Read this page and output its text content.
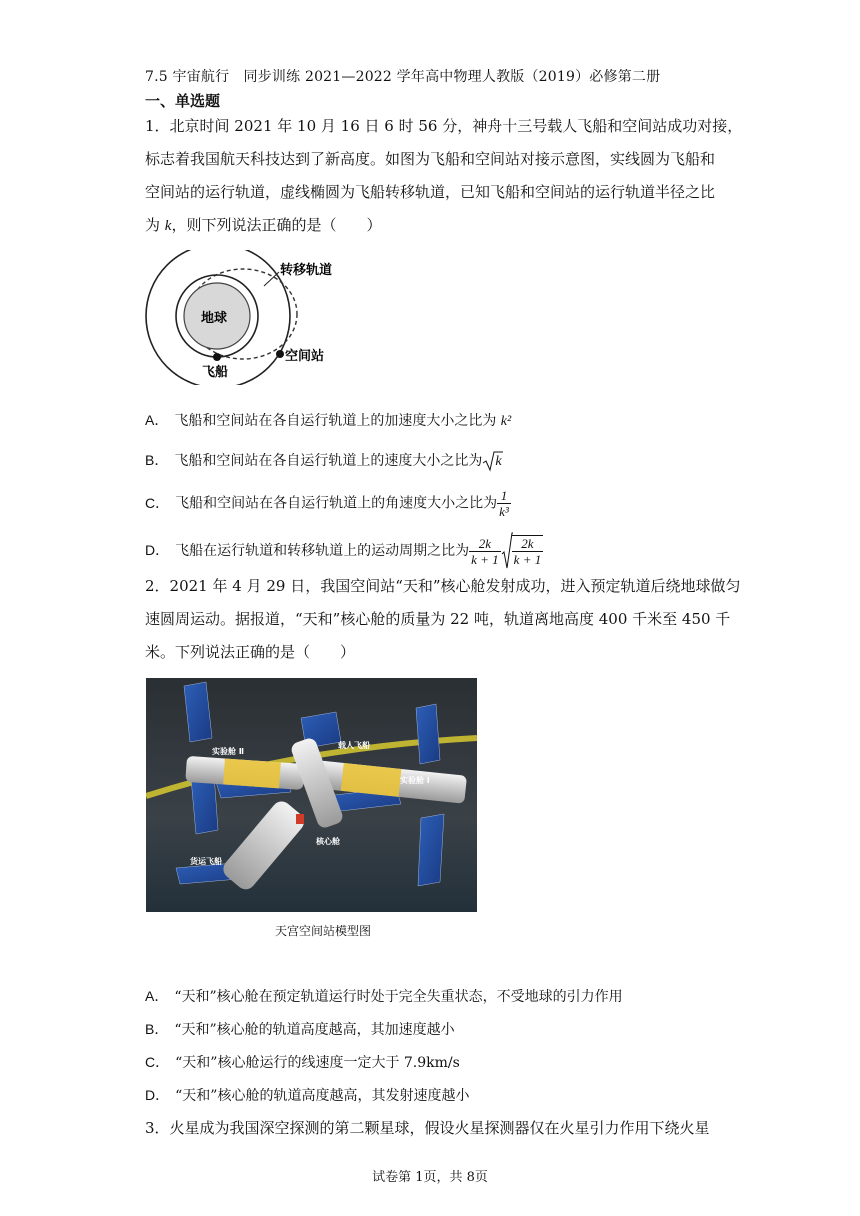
7.5 宇宙航行　同步训练 2021—2022 学年高中物理人教版（2019）必修第二册
一、单选题
1．北京时间 2021 年 10 月 16 日 6 时 56 分，神舟十三号载人飞船和空间站成功对接，
标志着我国航天科技达到了新高度。如图为飞船和空间站对接示意图，实线圆为飞船和
空间站的运行轨道，虚线椭圆为飞船转移轨道，已知飞船和空间站的运行轨道半径之比
为 k，则下列说法正确的是（　　）
地球
飞船
空间站
转移轨道
A． 飞船和空间站在各自运行轨道上的加速度大小之比为 k²
B． 飞船和空间站在各自运行轨道上的速度大小之比为 k
C． 飞船和空间站在各自运行轨道上的角速度大小之比为 $\frac{1}{\text{k³}}$
D． 飞船在运行轨道和转移轨道上的运动周期之比为 $\frac{2k}{k + 1} \frac{2k}{k + 1}$
2．2021 年 4 月 29 日，我国空间站“天和”核心舱发射成功，进入预定轨道后绕地球做匀
速圆周运动。据报道，“天和”核心舱的质量为 22 吨，轨道离地高度 400 千米至 450 千
米。下列说法正确的是（　　）
实验舱 Ⅱ
载人飞船
实验舱 Ⅰ
核心舱
货运飞船
天宫空间站模型图
A． “天和”核心舱在预定轨道运行时处于完全失重状态，不受地球的引力作用
B． “天和”核心舱的轨道高度越高，其加速度越小
C． “天和”核心舱运行的线速度一定大于 7.9km/s
D． “天和”核心舱的轨道高度越高，其发射速度越小
3．火星成为我国深空探测的第二颗星球，假设火星探测器仅在火星引力作用下绕火星
试卷第 1页，共 8页
